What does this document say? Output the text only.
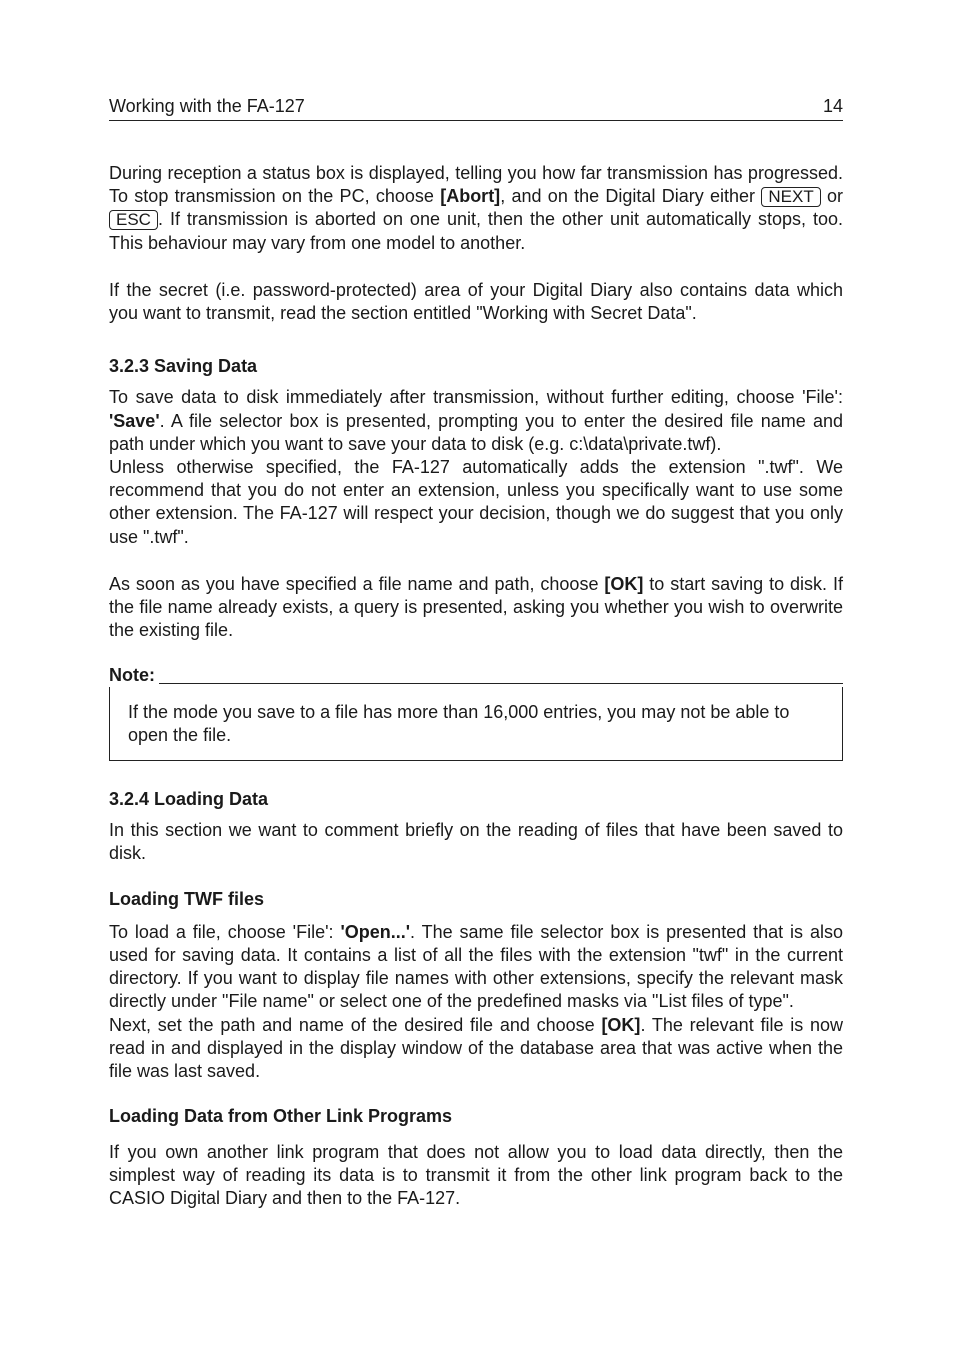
Working with the FA-127	14

During reception a status box is displayed, telling you how far transmission has progressed. To stop transmission on the PC, choose [Abort], and on the Digital Diary either NEXT or ESC . If transmission is aborted on one unit, then the other unit automatically stops, too. This behaviour may vary from one model to another.

If the secret (i.e. password-protected) area of your Digital Diary also contains data which you want to transmit, read the section entitled "Working with Secret Data".

3.2.3 Saving Data

To save data to disk immediately after transmission, without further editing, choose 'File': 'Save'. A file selector box is presented, prompting you to enter the desired file name and path under which you want to save your data to disk (e.g. c:\data\private.twf).

Unless otherwise specified, the FA-127 automatically adds the extension ".twf". We recommend that you do not enter an extension, unless you specifically want to use some other extension. The FA-127 will respect your decision, though we do suggest that you only use ".twf".

As soon as you have specified a file name and path, choose [OK] to start saving to disk. If the file name already exists, a query is presented, asking you whether you wish to overwrite the existing file.

Note:

If the mode you save to a file has more than 16,000 entries, you may not be able to open the file.

3.2.4 Loading Data

In this section we want to comment briefly on the reading of files that have been saved to disk.

Loading TWF files

To load a file, choose 'File': 'Open...'. The same file selector box is presented that is also used for saving data. It contains a list of all the files with the extension "twf" in the current directory. If you want to display file names with other extensions, specify the relevant mask directly under "File name" or select one of the predefined masks via "List files of type".

Next, set the path and name of the desired file and choose [OK]. The relevant file is now read in and displayed in the display window of the database area that was active when the file was last saved.

Loading Data from Other Link Programs

If you own another link program that does not allow you to load data directly, then the simplest way of reading its data is to transmit it from the other link program back to the CASIO Digital Diary and then to the FA-127.
